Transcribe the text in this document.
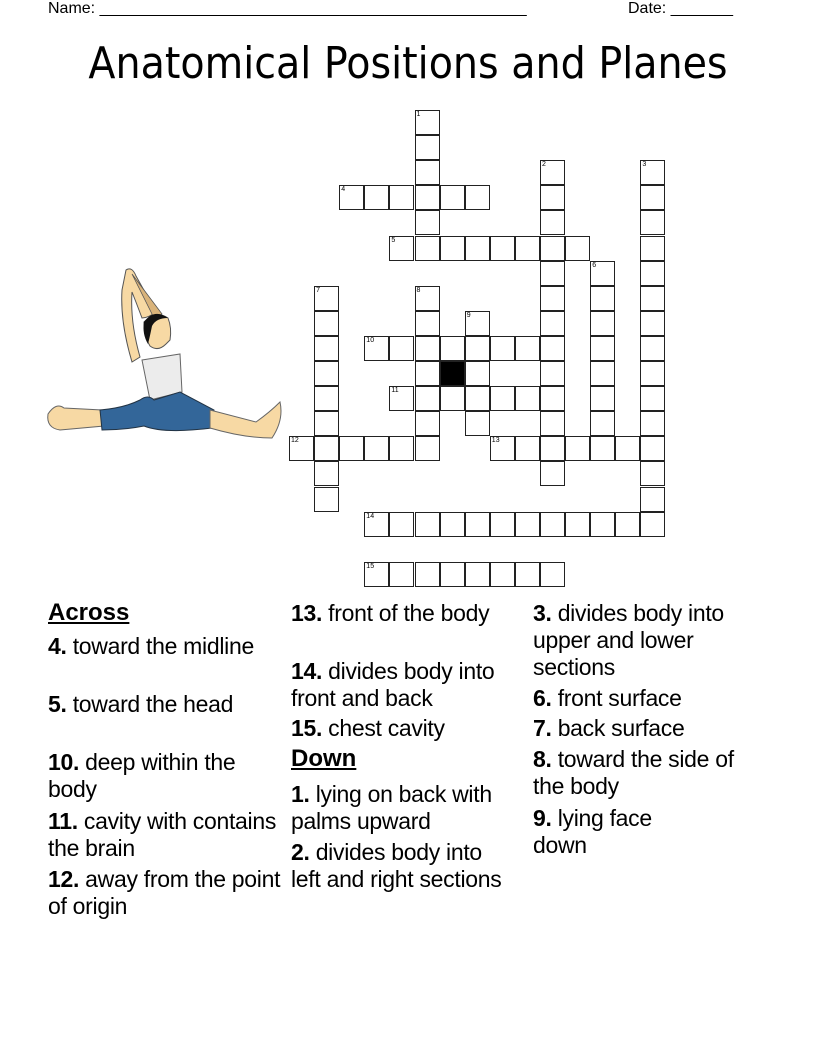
Name: ________________________________________________	Date: _______
Anatomical Positions and Planes
1
2	3
4
5
6
7	8
9
10
11
12	13
14
15
Across
4. toward the midline
5. toward the head
10. deep within the body
11. cavity with contains the brain
12. away from the point of origin
13. front of the body
14. divides body into front and back
15. chest cavity
Down
1. lying on back with palms upward
2. divides body into left and right sections
3. divides body into upper and lower sections
6. front surface
7. back surface
8. toward the side of the body
9. lying face down
